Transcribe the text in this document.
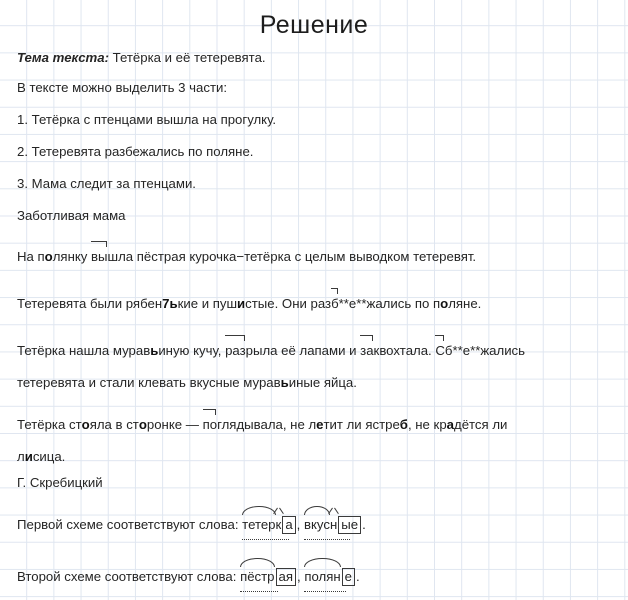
Решение
Тема текста: Тетёрка и её тетеревята.
В тексте можно выделить 3 части:
1. Тетёрка с птенцами вышла на прогулку.
2. Тетеревята разбежались по поляне.
3. Мама следит за птенцами.
Заботливая мама
На полянку вышла пёстрая курочка−тетёрка с целым выводком тетеревят.
Тетеревята были рябен7ькие и пушистые. Они разб**е**жались по поляне.
Тетёрка нашла муравьиную кучу, разрыла её лапами и заквохтала. Сб**е**жались
тетеревята и стали клевать вкусные муравьиные яйца.
Тетёрка стояла в сторонке — поглядывала, не летит ли ястреб, не крадётся ли
лисица.
Г. Скребицкий
Первой схеме соответствуют слова: тетер
к а , вкус
н ые .
Второй схеме соответствуют слова: пёстр ая , полян е .
